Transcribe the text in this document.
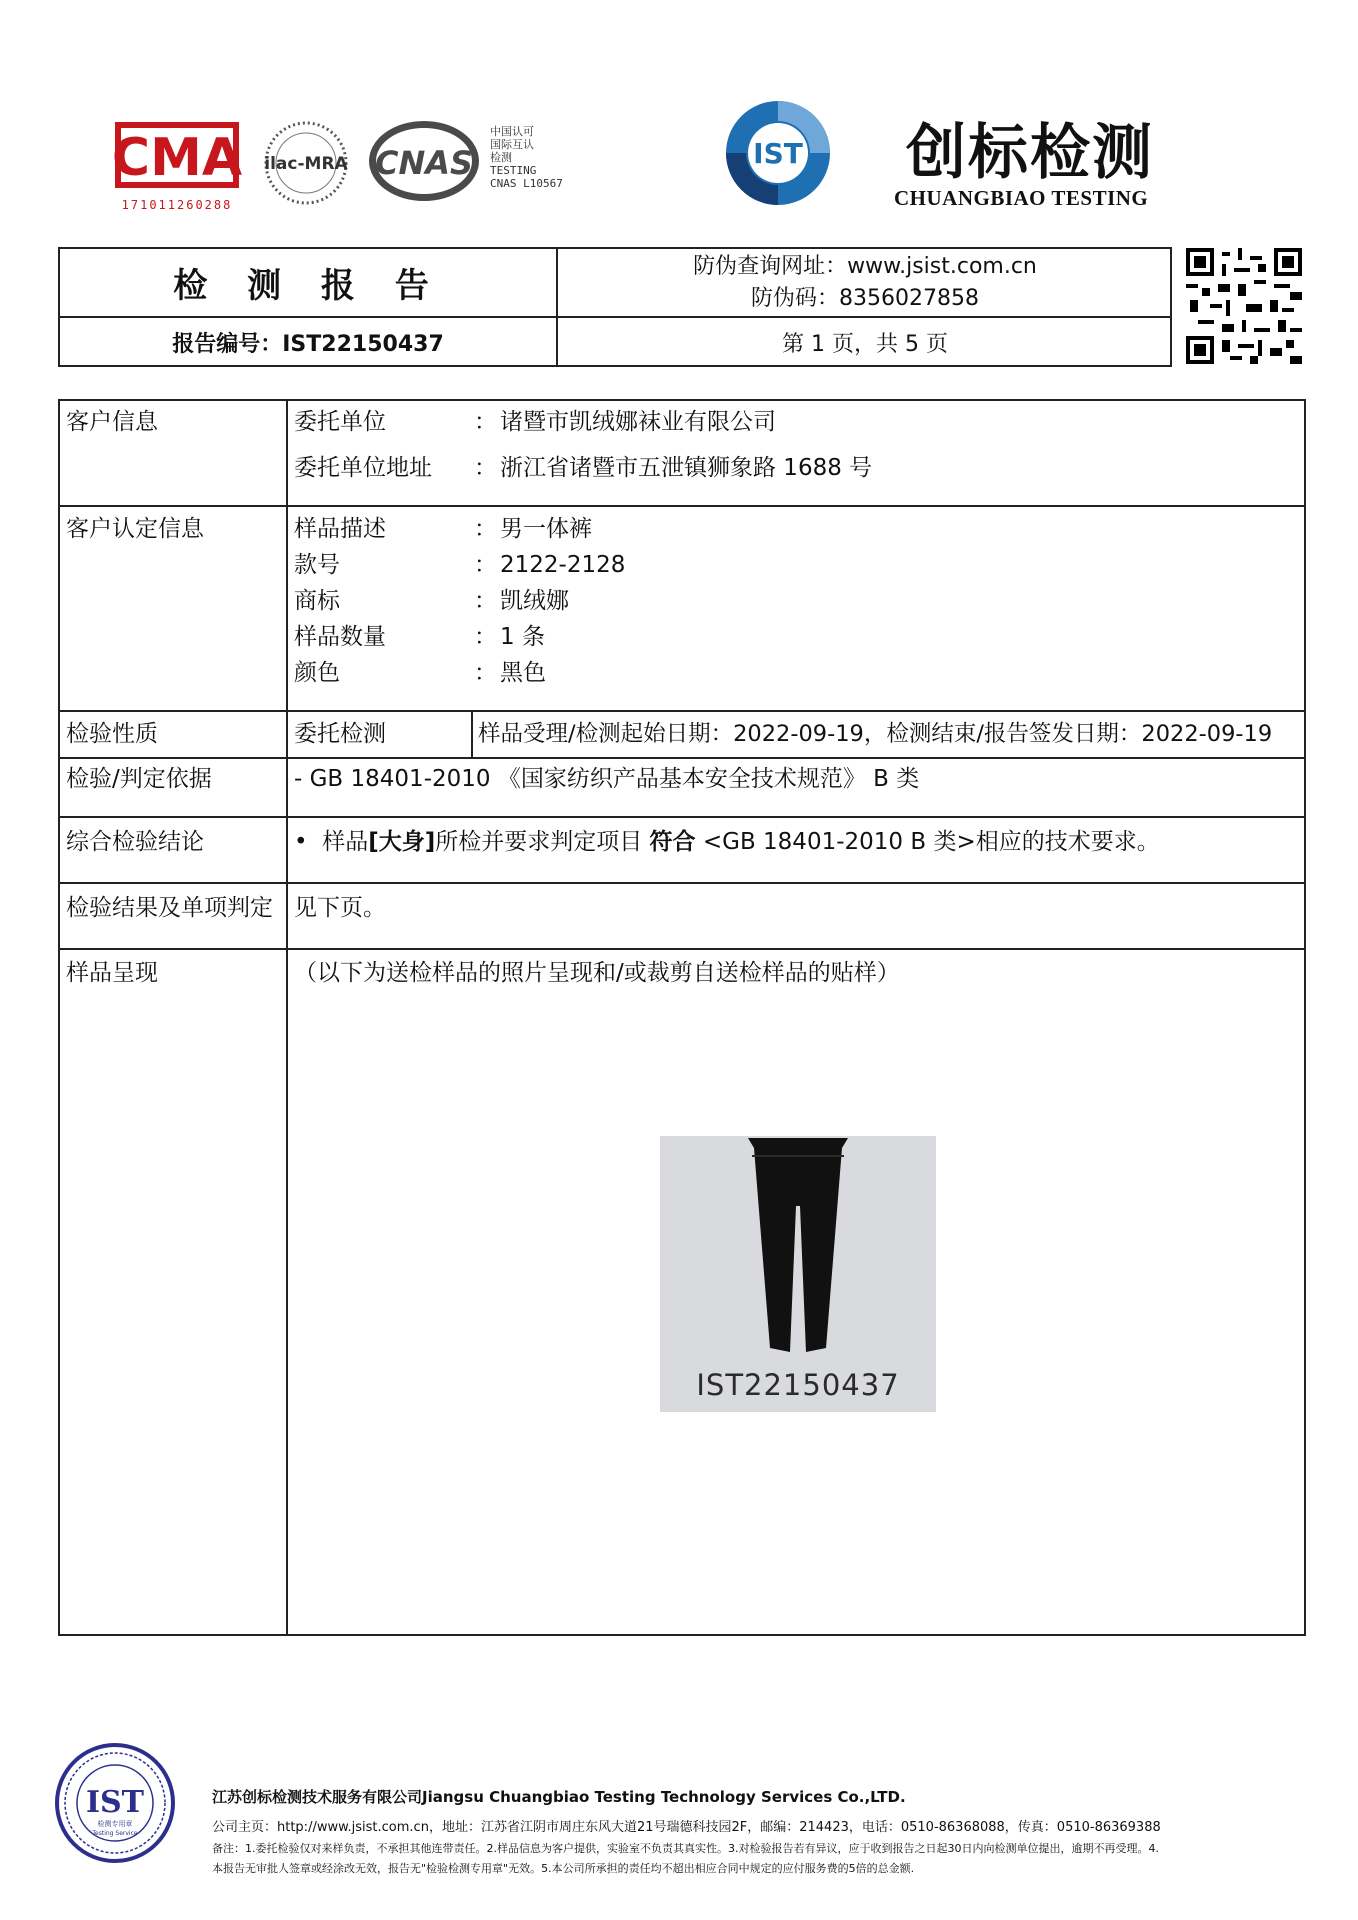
CMA
171011260288
ilac-MRA CNAS
中国认可
国际互认
检测
TESTING
CNAS L10567
IST 创标检测
CHUANGBIAO TESTING
检 测 报 告	防伪查询网址：www.jsist.com.cn
防伪码：8356027858
报告编号：IST22150437	第 1 页，共 5 页
客户信息	委托单位	： 诸暨市凯绒娜袜业有限公司
委托单位地址 ： 浙江省诸暨市五泄镇狮象路 1688 号
客户认定信息	样品描述	： 男一体裤
款号	： 2122-2128
商标	： 凯绒娜
样品数量	： 1 条
颜色	： 黑色
检验性质	委托检测	样品受理/检测起始日期：2022-09-19，检测结束/报告签发日期：2022-09-19
检验/判定依据	- GB 18401-2010 《国家纺织产品基本安全技术规范》 B 类
综合检验结论	• 样品[大身]所检并要求判定项目 符合 <GB 18401-2010 B 类>相应的技术要求。
检验结果及单项判定 见下页。
样品呈现	（以下为送检样品的照片呈现和/或裁剪自送检样品的贴样）
IST22150437
IST
检测专用章
Testing Service
江苏创标检测技术服务有限公司Jiangsu Chuangbiao Testing Technology Services Co.,LTD.
公司主页：http://www.jsist.com.cn，地址：江苏省江阴市周庄东风大道21号瑞德科技园2F，邮编：214423，电话：0510-86368088，传真：0510-86369388
备注：1.委托检验仅对来样负责，不承担其他连带责任。2.样品信息为客户提供，实验室不负责其真实性。3.对检验报告若有异议，应于收到报告之日起30日内向检测单位提出，逾期不再受理。4.
本报告无审批人签章或经涂改无效，报告无"检验检测专用章"无效。5.本公司所承担的责任均不超出相应合同中规定的应付服务费的5倍的总金额.
